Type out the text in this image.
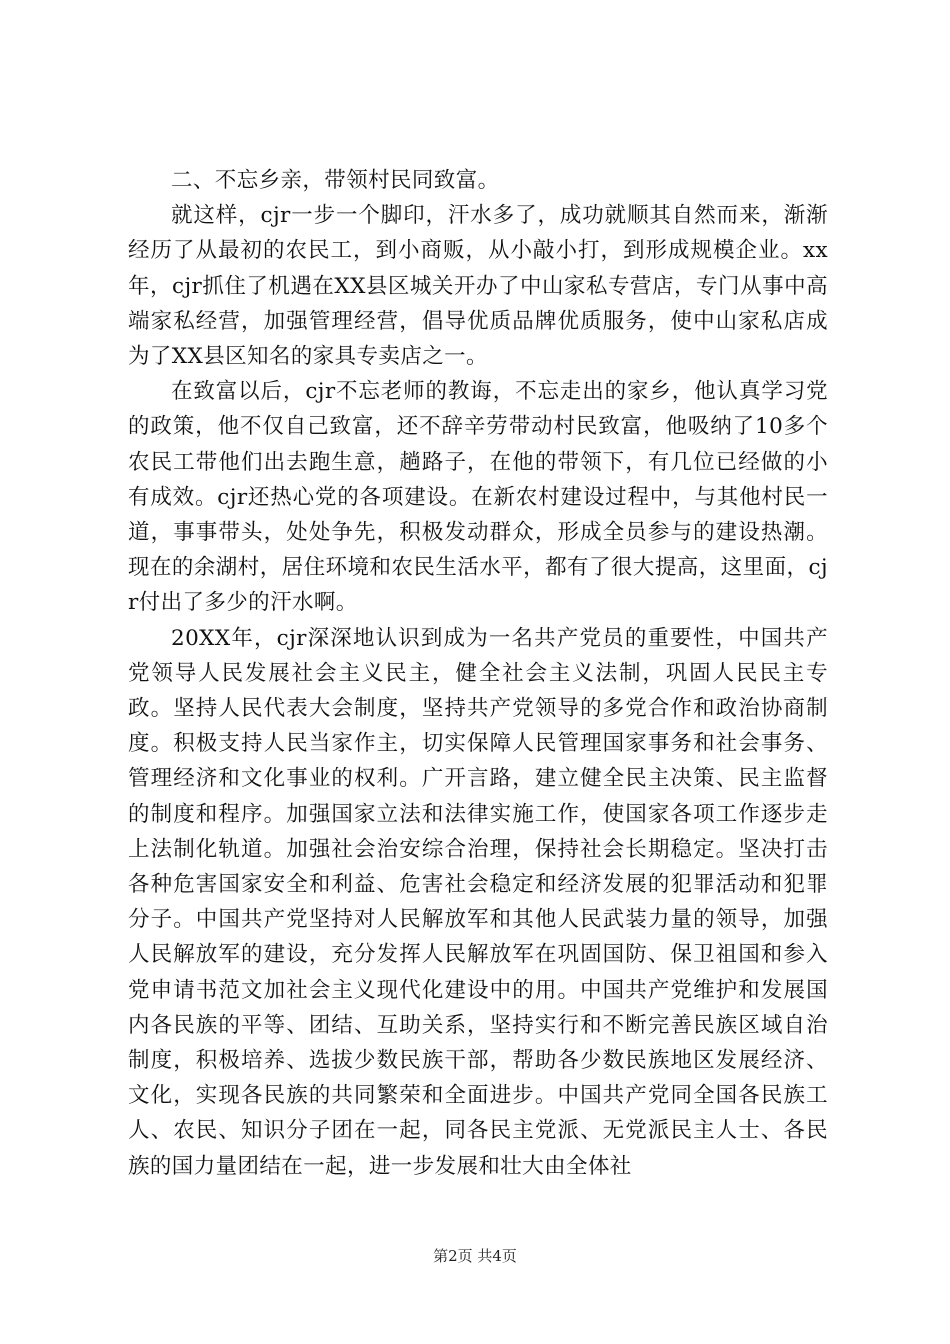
二、不忘乡亲，带领村民同致富。

就这样，cjr一步一个脚印，汗水多了，成功就顺其自然而来，渐渐经历了从最初的农民工，到小商贩，从小敲小打，到形成规模企业。xx年，cjr抓住了机遇在XX县区城关开办了中山家私专营店，专门从事中高端家私经营，加强管理经营，倡导优质品牌优质服务，使中山家私店成为了XX县区知名的家具专卖店之一。

在致富以后，cjr不忘老师的教诲，不忘走出的家乡，他认真学习党的政策，他不仅自己致富，还不辞辛劳带动村民致富，他吸纳了10多个农民工带他们出去跑生意，趟路子，在他的带领下，有几位已经做的小有成效。cjr还热心党的各项建设。在新农村建设过程中，与其他村民一道，事事带头，处处争先，积极发动群众，形成全员参与的建设热潮。现在的余湖村，居住环境和农民生活水平，都有了很大提高，这里面，cjr付出了多少的汗水啊。

20XX年，cjr深深地认识到成为一名共产党员的重要性，中国共产党领导人民发展社会主义民主，健全社会主义法制，巩固人民民主专政。坚持人民代表大会制度，坚持共产党领导的多党合作和政治协商制度。积极支持人民当家作主，切实保障人民管理国家事务和社会事务、管理经济和文化事业的权利。广开言路，建立健全民主决策、民主监督的制度和程序。加强国家立法和法律实施工作，使国家各项工作逐步走上法制化轨道。加强社会治安综合治理，保持社会长期稳定。坚决打击各种危害国家安全和利益、危害社会稳定和经济发展的犯罪活动和犯罪分子。中国共产党坚持对人民解放军和其他人民武装力量的领导，加强人民解放军的建设，充分发挥人民解放军在巩固国防、保卫祖国和参入党申请书范文加社会主义现代化建设中的用。中国共产党维护和发展国内各民族的平等、团结、互助关系，坚持实行和不断完善民族区域自治制度，积极培养、选拔少数民族干部，帮助各少数民族地区发展经济、文化，实现各民族的共同繁荣和全面进步。中国共产党同全国各民族工人、农民、知识分子团在一起，同各民主党派、无党派民主人士、各民族的国力量团结在一起，进一步发展和壮大由全体社

第2页 共4页
